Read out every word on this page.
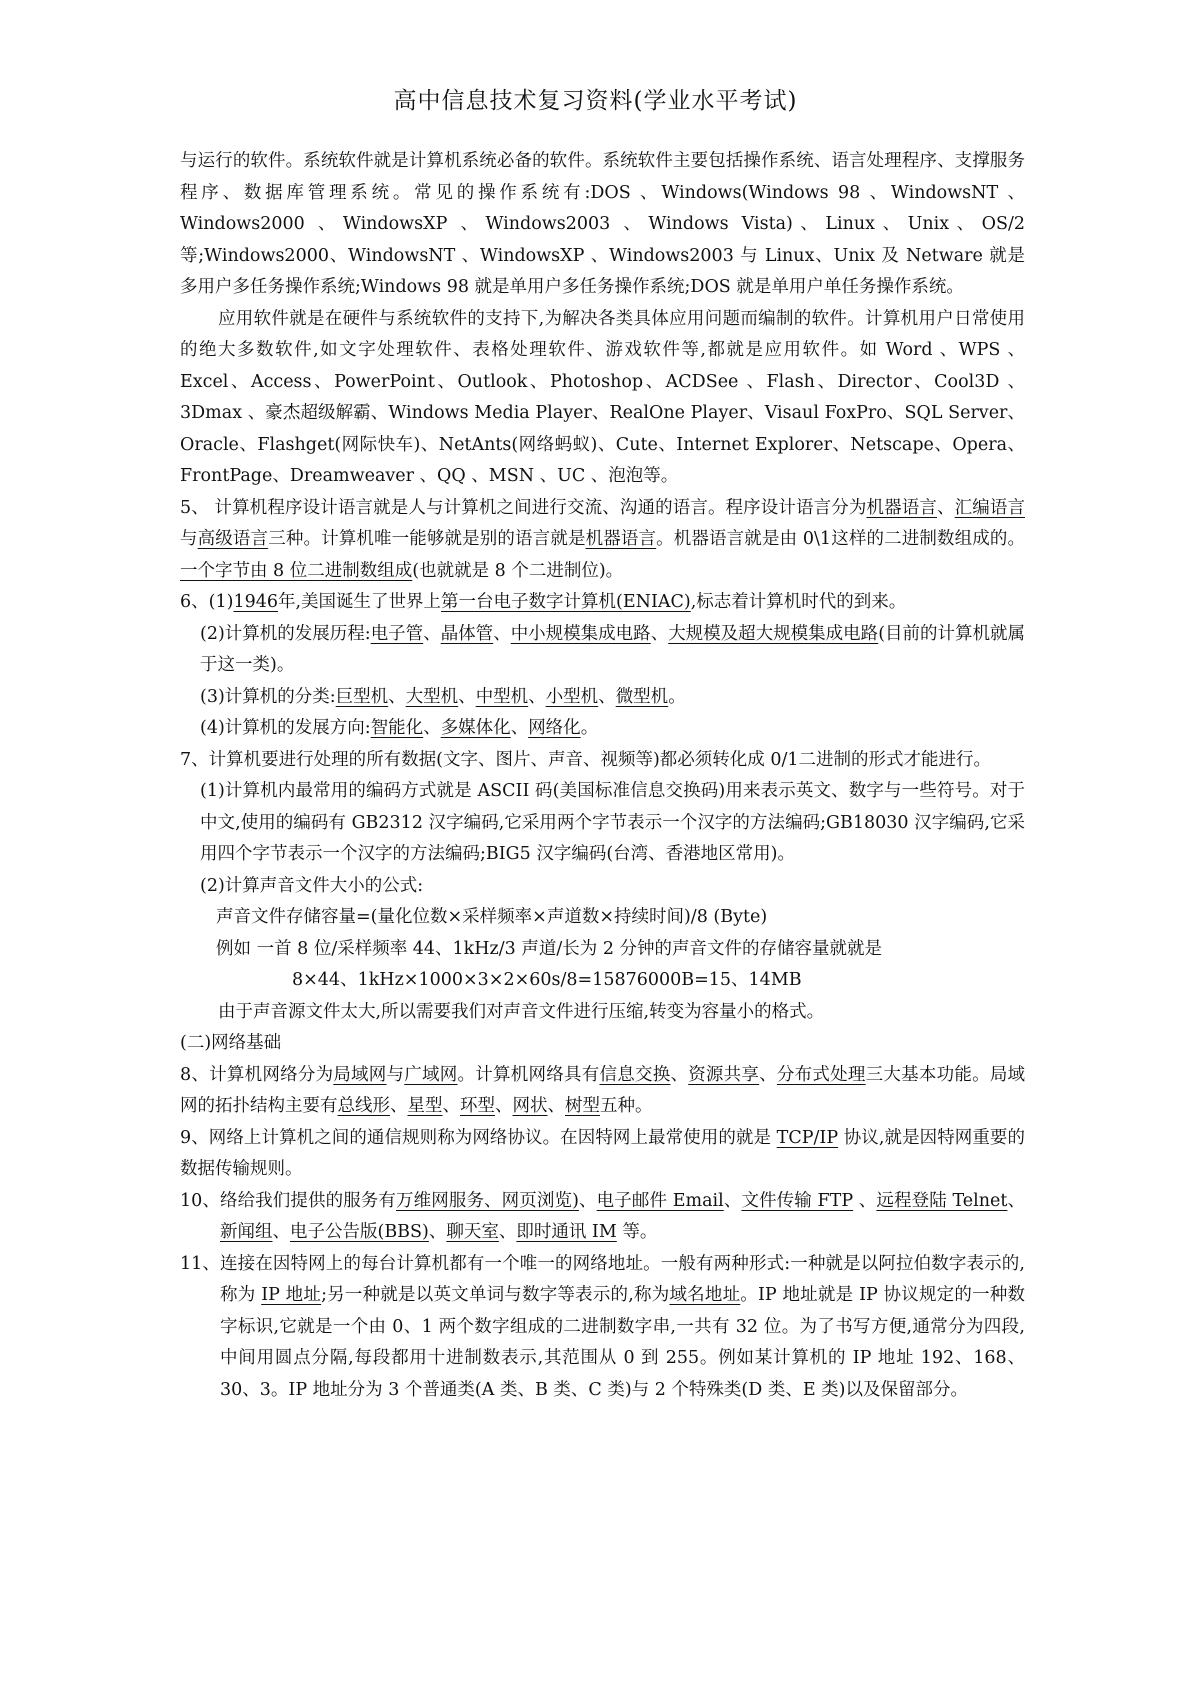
高中信息技术复习资料(学业水平考试)

与运行的软件。系统软件就是计算机系统必备的软件。系统软件主要包括操作系统、语言处理程序、支撑服务程序、数据库管理系统。常见的操作系统有:DOS 、Windows(Windows 98 、WindowsNT 、Windows2000 、WindowsXP 、Windows2003 、Windows Vista)、Linux、Unix、OS/2 等;Windows2000、WindowsNT 、WindowsXP 、Windows2003 与 Linux、Unix 及 Netware 就是多用户多任务操作系统;Windows 98 就是单用户多任务操作系统;DOS 就是单用户单任务操作系统。

应用软件就是在硬件与系统软件的支持下,为解决各类具体应用问题而编制的软件。计算机用户日常使用的绝大多数软件,如文字处理软件、表格处理软件、游戏软件等,都就是应用软件。如 Word 、WPS 、Excel、Access、PowerPoint、Outlook、Photoshop、ACDSee 、Flash、Director、Cool3D 、3Dmax 、豪杰超级解霸、Windows Media Player、RealOne Player、Visaul FoxPro、SQL Server、Oracle、Flashget(网际快车)、NetAnts(网络蚂蚁)、Cute、Internet Explorer、Netscape、Opera、FrontPage、Dreamweaver 、QQ 、MSN 、UC 、泡泡等。

5、 计算机程序设计语言就是人与计算机之间进行交流、沟通的语言。程序设计语言分为机器语言、汇编语言与高级语言三种。计算机唯一能够就是别的语言就是机器语言。机器语言就是由 0\1这样的二进制数组成的。一个字节由 8 位二进制数组成(也就就是 8 个二进制位)。

6、(1)1946年,美国诞生了世界上第一台电子数字计算机(ENIAC),标志着计算机时代的到来。

(2)计算机的发展历程:电子管、晶体管、中小规模集成电路、大规模及超大规模集成电路(目前的计算机就属于这一类)。

(3)计算机的分类:巨型机、大型机、中型机、小型机、微型机。

(4)计算机的发展方向:智能化、多媒体化、网络化。

7、计算机要进行处理的所有数据(文字、图片、声音、视频等)都必须转化成 0/1二进制的形式才能进行。

(1)计算机内最常用的编码方式就是 ASCII 码(美国标准信息交换码)用来表示英文、数字与一些符号。对于中文,使用的编码有 GB2312 汉字编码,它采用两个字节表示一个汉字的方法编码;GB18030 汉字编码,它采用四个字节表示一个汉字的方法编码;BIG5 汉字编码(台湾、香港地区常用)。

(2)计算声音文件大小的公式:

声音文件存储容量=(量化位数×采样频率×声道数×持续时间)/8 (Byte)

例如 一首 8 位/采样频率 44、1kHz/3 声道/长为 2 分钟的声音文件的存储容量就就是

8×44、1kHz×1000×3×2×60s/8=15876000B=15、14MB

由于声音源文件太大,所以需要我们对声音文件进行压缩,转变为容量小的格式。

(二)网络基础

8、计算机网络分为局域网与广域网。计算机网络具有信息交换、资源共享、分布式处理三大基本功能。局域网的拓扑结构主要有总线形、星型、环型、网状、树型五种。

9、网络上计算机之间的通信规则称为网络协议。在因特网上最常使用的就是 TCP/IP 协议,就是因特网重要的数据传输规则。

10、络给我们提供的服务有万维网服务、网页浏览)、电子邮件 Email、文件传输 FTP 、远程登陆 Telnet、新闻组、电子公告版(BBS)、聊天室、即时通讯 IM 等。

11、连接在因特网上的每台计算机都有一个唯一的网络地址。一般有两种形式:一种就是以阿拉伯数字表示的,称为 IP 地址;另一种就是以英文单词与数字等表示的,称为域名地址。IP 地址就是 IP 协议规定的一种数字标识,它就是一个由 0、1 两个数字组成的二进制数字串,一共有 32 位。为了书写方便,通常分为四段,中间用圆点分隔,每段都用十进制数表示,其范围从 0 到 255。例如某计算机的 IP 地址 192、168、30、3。IP 地址分为 3 个普通类(A 类、B 类、C 类)与 2 个特殊类(D 类、E 类)以及保留部分。
